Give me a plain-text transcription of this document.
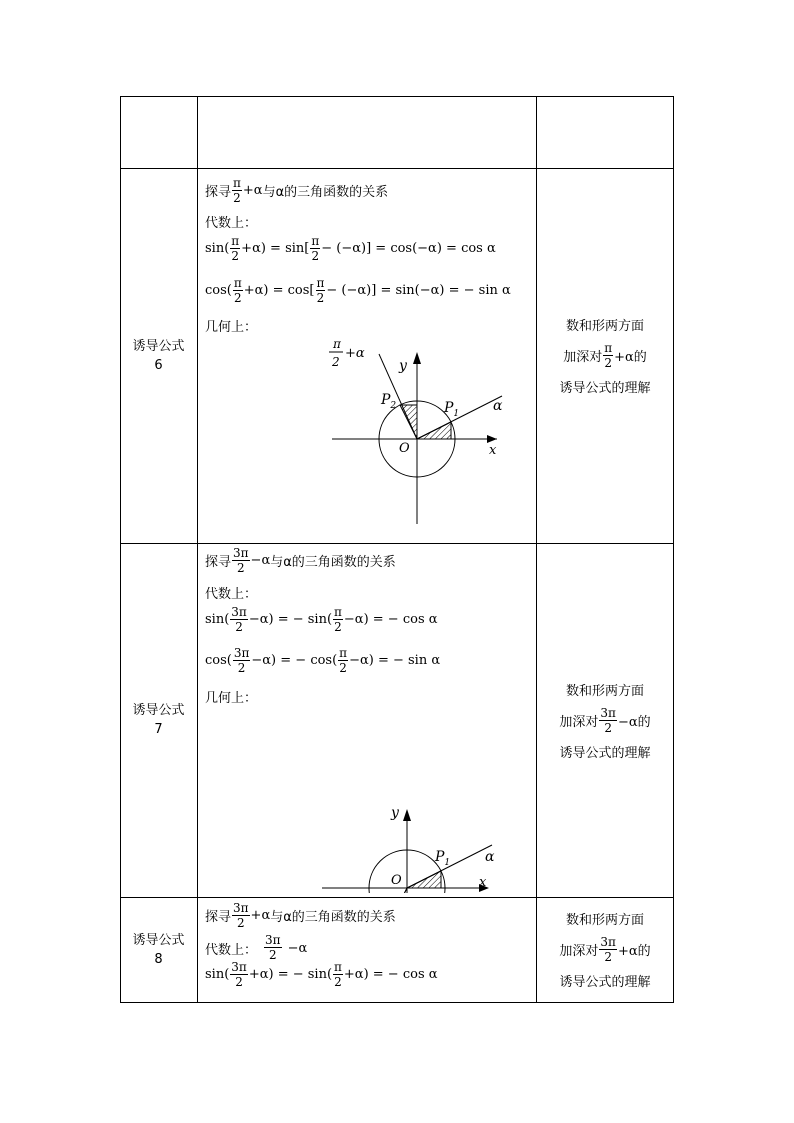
诱导公式
6
探寻
π
2 +α 与α的三角函数的关系
代数上：
sin( π
2 +α) = sin[ π
2 − (−α)] = cos(−α) = cos α
cos( π
2 +α) = cos[ π
2 − (−α)] = sin(−α) = − sin α
几何上：
y
x
O
$P_1$
$P_2$	α
π
2
+α
数和形两方面
加深对
π
2 +α的
诱导公式的理解
诱导公式
7
探寻
3π
2 −α 与α的三角函数的关系
代数上：
sin( 3π
2 −α) = − sin( π
2 −α) = − cos α
cos( 3π
2 −α) = − cos( π
2 −α) = − sin α
几何上：
y
x
O
$P_1$ α
$\frac{3\pi}{2} -\alpha$
数和形两方面
加深对
3π
2 −α的
诱导公式的理解
诱导公式
8
探寻
3π
2 +α 与α的三角函数的关系
代数上：
sin( 3π
2 +α) = − sin( π
2 +α) = − cos α
数和形两方面
加深对
3π
2 +α的
诱导公式的理解
